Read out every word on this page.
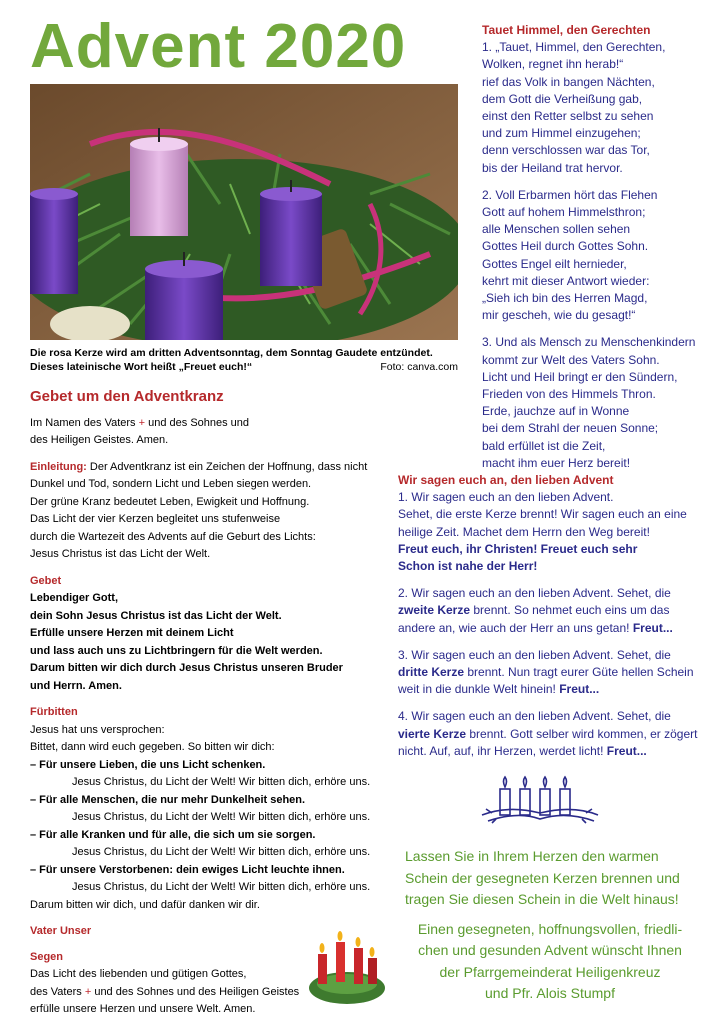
Advent 2020
Die rosa Kerze wird am dritten Adventsonntag, dem Sonntag Gaudete entzündet.
Dieses lateinische Wort heißt „Freuet euch!“	Foto: canva.com
Gebet um den Adventkranz

Im Namen des Vaters + und des Sohnes und

des Heiligen Geistes. Amen.

Einleitung: Der Adventkranz ist ein Zeichen der Hoffnung, dass nicht

Dunkel und Tod, sondern Licht und Leben siegen werden.

Der grüne Kranz bedeutet Leben, Ewigkeit und Hoffnung.

Das Licht der vier Kerzen begleitet uns stufenweise

durch die Wartezeit des Advents auf die Geburt des Lichts:

Jesus Christus ist das Licht der Welt.

Gebet

Lebendiger Gott,

dein Sohn Jesus Christus ist das Licht der Welt.

Erfülle unsere Herzen mit deinem Licht

und lass auch uns zu Lichtbringern für die Welt werden.

Darum bitten wir dich durch Jesus Christus unseren Bruder

und Herrn. Amen.

Fürbitten

Jesus hat uns versprochen:

Bittet, dann wird euch gegeben. So bitten wir dich:

– Für unsere Lieben, die uns Licht schenken.

Jesus Christus, du Licht der Welt! Wir bitten dich, erhöre uns.

– Für alle Menschen, die nur mehr Dunkelheit sehen.

Jesus Christus, du Licht der Welt! Wir bitten dich, erhöre uns.

– Für alle Kranken und für alle, die sich um sie sorgen.

Jesus Christus, du Licht der Welt! Wir bitten dich, erhöre uns.

– Für unsere Verstorbenen: dein ewiges Licht leuchte ihnen.

Jesus Christus, du Licht der Welt! Wir bitten dich, erhöre uns.

Darum bitten wir dich, und dafür danken wir dir.

Vater Unser

Segen

Das Licht des liebenden und gütigen Gottes,

des Vaters + und des Sohnes und des Heiligen Geistes

erfülle unsere Herzen und unsere Welt. Amen.

Tauet Himmel, den Gerechten

1. „Tauet, Himmel, den Gerechten,

Wolken, regnet ihn herab!“

rief das Volk in bangen Nächten,

dem Gott die Verheißung gab,

einst den Retter selbst zu sehen

und zum Himmel einzugehen;

denn verschlossen war das Tor,

bis der Heiland trat hervor.

2. Voll Erbarmen hört das Flehen

Gott auf hohem Himmelsthron;

alle Menschen sollen sehen

Gottes Heil durch Gottes Sohn.

Gottes Engel eilt hernieder,

kehrt mit dieser Antwort wieder:

„Sieh ich bin des Herren Magd,

mir gescheh, wie du gesagt!“

3. Und als Mensch zu Menschenkindern

kommt zur Welt des Vaters Sohn.

Licht und Heil bringt er den Sündern,

Frieden von des Himmels Thron.

Erde, jauchze auf in Wonne

bei dem Strahl der neuen Sonne;

bald erfüllet ist die Zeit,

macht ihm euer Herz bereit!

Wir sagen euch an, den lieben Advent

1. Wir sagen euch an den lieben Advent.

Sehet, die erste Kerze brennt! Wir sagen euch an eine

heilige Zeit. Machet dem Herrn den Weg bereit!

Freut euch, ihr Christen! Freuet euch sehr

Schon ist nahe der Herr!

2. Wir sagen euch an den lieben Advent. Sehet, die

zweite Kerze brennt. So nehmet euch eins um das

andere an, wie auch der Herr an uns getan! Freut...

3. Wir sagen euch an den lieben Advent. Sehet, die

dritte Kerze brennt. Nun tragt eurer Güte hellen Schein

weit in die dunkle Welt hinein! Freut...

4. Wir sagen euch an den lieben Advent. Sehet, die

vierte Kerze brennt. Gott selber wird kommen, er zögert

nicht. Auf, auf, ihr Herzen, werdet licht! Freut...

Lassen Sie in Ihrem Herzen den warmen

Schein der gesegneten Kerzen brennen und

tragen Sie diesen Schein in die Welt hinaus!

Einen gesegneten, hoffnungsvollen, friedli-

chen und gesunden Advent wünscht Ihnen

der Pfarrgemeinderat Heiligenkreuz

und Pfr. Alois Stumpf
